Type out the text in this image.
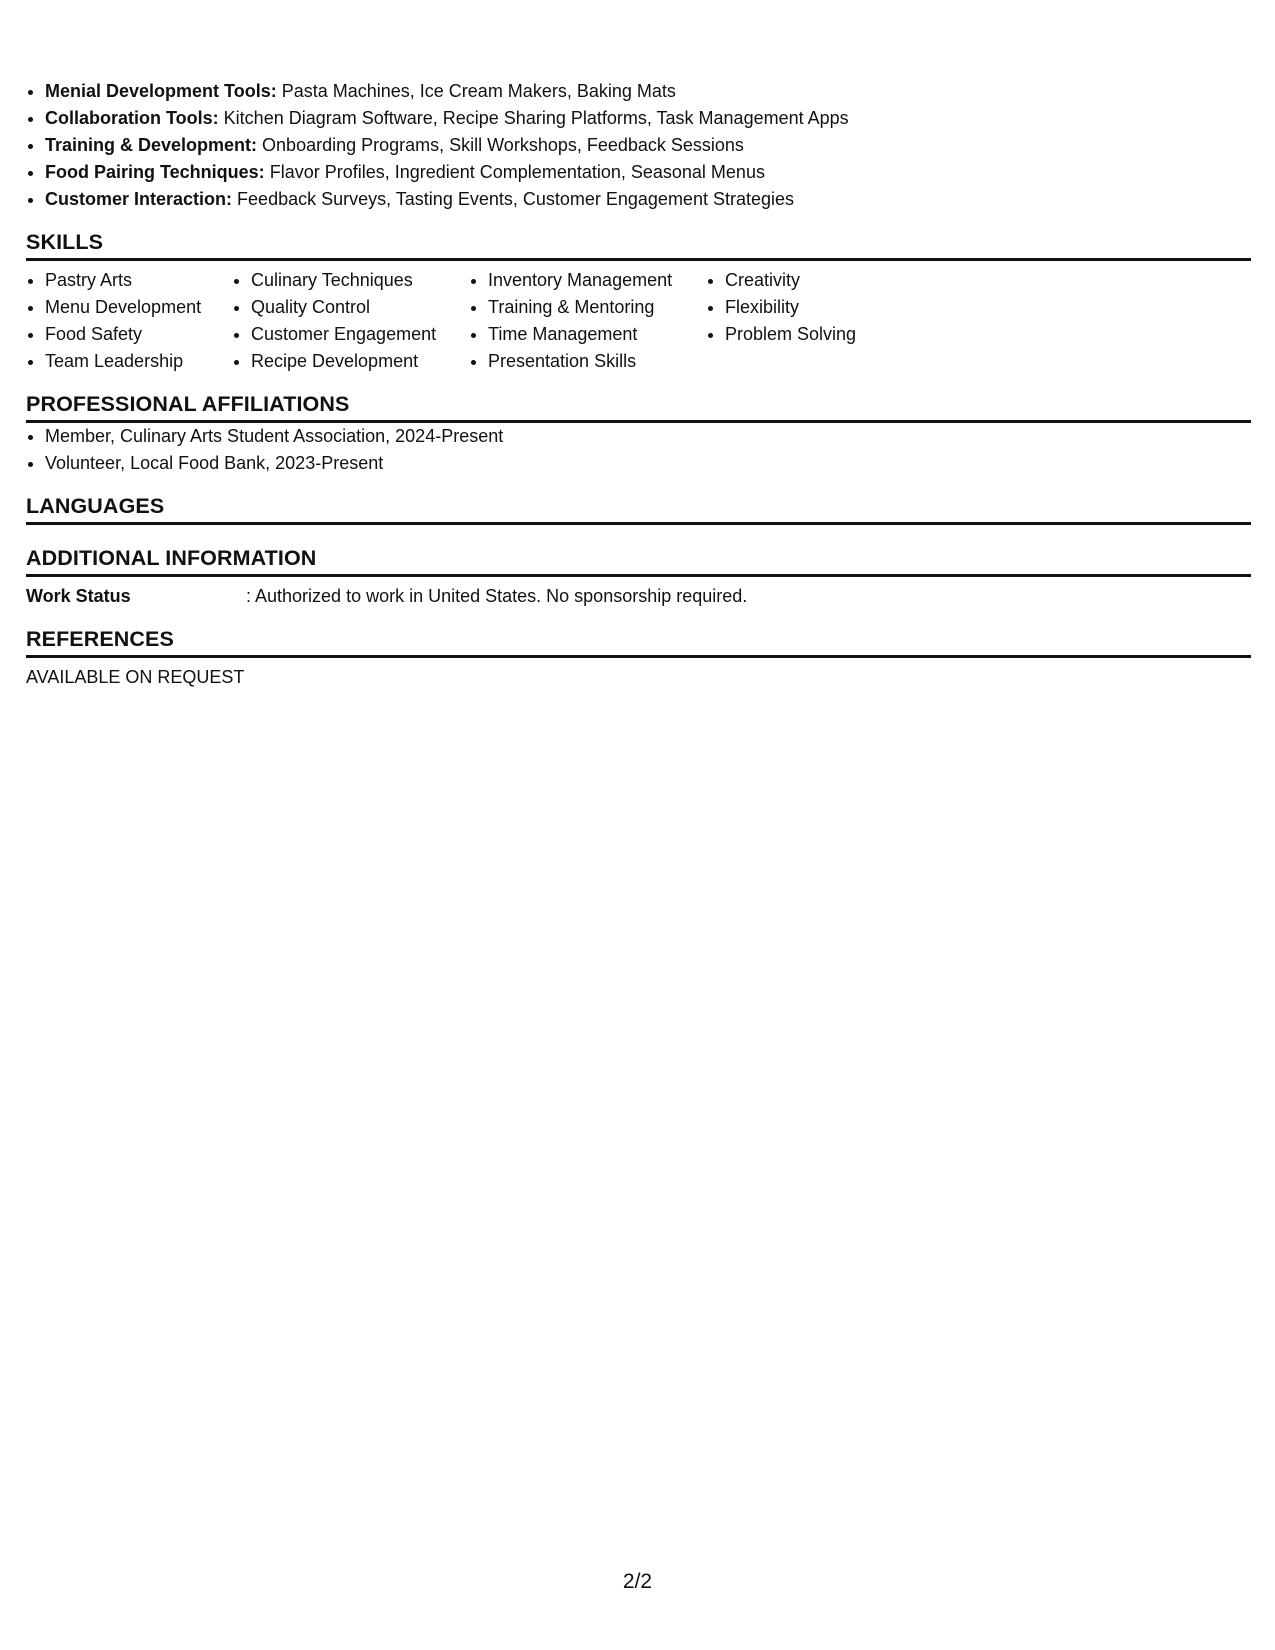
• Menial Development Tools: Pasta Machines, Ice Cream Makers, Baking Mats
• Collaboration Tools: Kitchen Diagram Software, Recipe Sharing Platforms, Task Management Apps
• Training & Development: Onboarding Programs, Skill Workshops, Feedback Sessions
• Food Pairing Techniques: Flavor Profiles, Ingredient Complementation, Seasonal Menus
• Customer Interaction: Feedback Surveys, Tasting Events, Customer Engagement Strategies
SKILLS
• Pastry Arts
• Menu Development
• Food Safety
• Team Leadership
• Culinary Techniques
• Quality Control
• Customer Engagement
• Recipe Development
• Inventory Management
• Training & Mentoring
• Time Management
• Presentation Skills
• Creativity
• Flexibility
• Problem Solving
PROFESSIONAL AFFILIATIONS
• Member, Culinary Arts Student Association, 2024-Present
• Volunteer, Local Food Bank, 2023-Present
LANGUAGES
ADDITIONAL INFORMATION
Work Status	: Authorized to work in United States. No sponsorship required.
REFERENCES
AVAILABLE ON REQUEST
2/2
